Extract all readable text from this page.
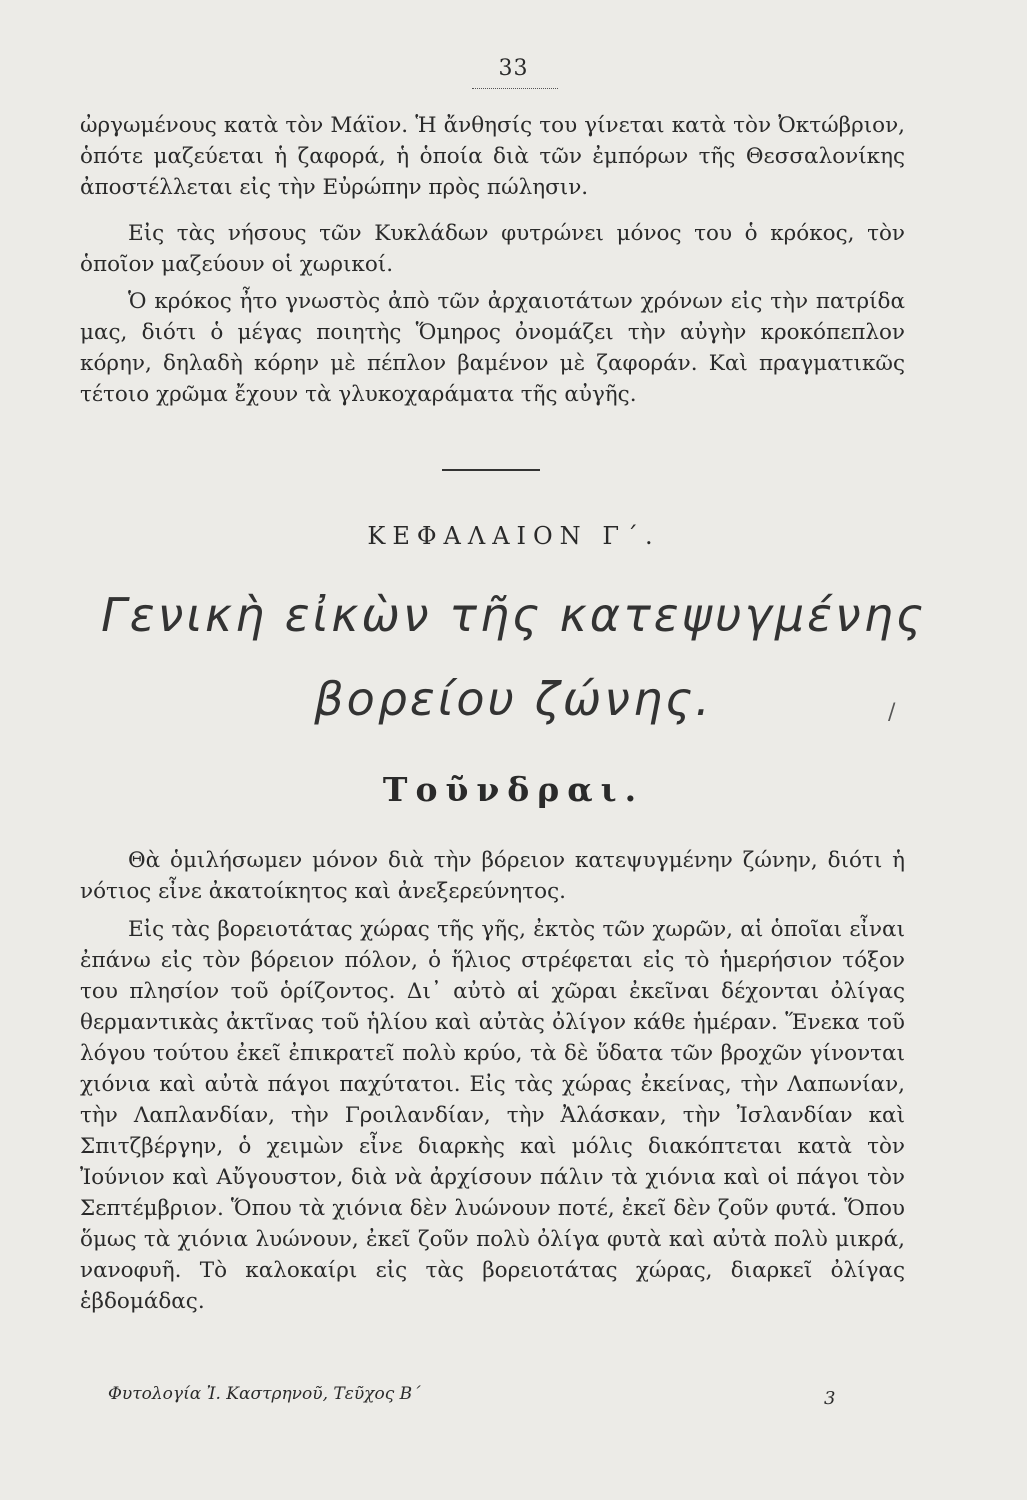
33

ὠργωμένους κατὰ τὸν Μάϊον. Ἡ ἄνθησίς του γίνεται κατὰ τὸν Ὀκτώβριον, ὁπότε μαζεύεται ἡ ζαφορά, ἡ ὁποία διὰ τῶν ἐμπόρων τῆς Θεσσαλονίκης ἀποστέλλεται εἰς τὴν Εὐρώπην πρὸς πώλησιν.

Εἰς τὰς νήσους τῶν Κυκλάδων φυτρώνει μόνος του ὁ κρόκος, τὸν ὁποῖον μαζεύουν οἱ χωρικοί.

Ὁ κρόκος ἦτο γνωστὸς ἀπὸ τῶν ἀρχαιοτάτων χρόνων εἰς τὴν πατρίδα μας, διότι ὁ μέγας ποιητὴς Ὅμηρος ὀνομάζει τὴν αὐγὴν κροκόπεπλον κόρην, δηλαδὴ κόρην μὲ πέπλον βαμένον μὲ ζαφοράν. Καὶ πραγματικῶς τέτοιο χρῶμα ἔχουν τὰ γλυκοχαράματα τῆς αὐγῆς.

ΚΕΦΑΛΑΙΟΝ Γ΄.
Γενικὴ εἰκὼν τῆς κατεψυγμένης
βορείου ζώνης.	/
Τοῦνδραι.

Θὰ ὁμιλήσωμεν μόνον διὰ τὴν βόρειον κατεψυγμένην ζώνην, διότι ἡ νότιος εἶνε ἀκατοίκητος καὶ ἀνεξερεύνητος.

Εἰς τὰς βορειοτάτας χώρας τῆς γῆς, ἐκτὸς τῶν χωρῶν, αἱ ὁποῖαι εἶναι ἐπάνω εἰς τὸν βόρειον πόλον, ὁ ἥλιος στρέφεται εἰς τὸ ἡμερήσιον τόξον του πλησίον τοῦ ὁρίζοντος. Δι᾽ αὐτὸ αἱ χῶραι ἐκεῖναι δέχονται ὀλίγας θερμαντικὰς ἀκτῖνας τοῦ ἡλίου καὶ αὐτὰς ὀλίγον κάθε ἡμέραν. Ἕνεκα τοῦ λόγου τούτου ἐκεῖ ἐπικρατεῖ πολὺ κρύο, τὰ δὲ ὕδατα τῶν βροχῶν γίνονται χιόνια καὶ αὐτὰ πάγοι παχύτατοι. Εἰς τὰς χώρας ἐκείνας, τὴν Λαπωνίαν, τὴν Λαπλανδίαν, τὴν Γροιλανδίαν, τὴν Ἀλάσκαν, τὴν Ἰσλανδίαν καὶ Σπιτζβέργην, ὁ χειμὼν εἶνε διαρκὴς καὶ μόλις διακόπτεται κατὰ τὸν Ἰούνιον καὶ Αὔγουστον, διὰ νὰ ἀρχίσουν πάλιν τὰ χιόνια καὶ οἱ πάγοι τὸν Σεπτέμβριον. Ὅπου τὰ χιόνια δὲν λυώνουν ποτέ, ἐκεῖ δὲν ζοῦν φυτά. Ὅπου ὅμως τὰ χιόνια λυώνουν, ἐκεῖ ζοῦν πολὺ ὀλίγα φυτὰ καὶ αὐτὰ πολὺ μικρά, νανοφυῆ. Τὸ καλοκαίρι εἰς τὰς βορειοτάτας χώρας, διαρκεῖ ὀλίγας ἑβδομάδας.

Φυτολογία Ἰ. Καστρηνοῦ, Τεῦχος Β΄	3
